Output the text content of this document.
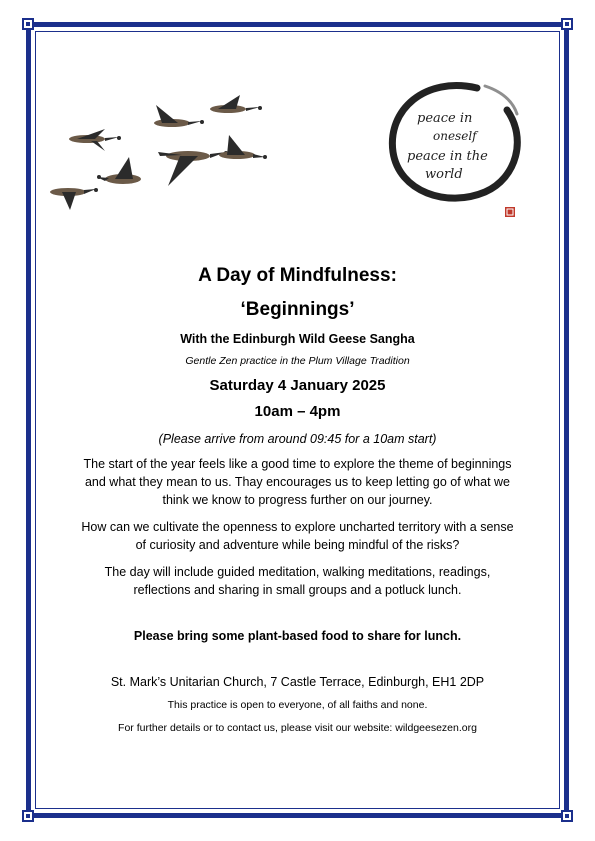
peace in
oneself
peace in the
world

A Day of Mindfulness:

‘Beginnings’

With the Edinburgh Wild Geese Sangha

Gentle Zen practice in the Plum Village Tradition

Saturday 4 January 2025

10am – 4pm

(Please arrive from around 09:45 for a 10am start)

The start of the year feels like a good time to explore the theme of beginnings and what they mean to us. Thay encourages us to keep letting go of what we think we know to progress further on our journey.

How can we cultivate the openness to explore uncharted territory with a sense of curiosity and adventure while being mindful of the risks?

The day will include guided meditation, walking meditations, readings, reflections and sharing in small groups and a potluck lunch.

Please bring some plant-based food to share for lunch.

St. Mark’s Unitarian Church, 7 Castle Terrace, Edinburgh, EH1 2DP

This practice is open to everyone, of all faiths and none.

For further details or to contact us, please visit our website: wildgeesezen.org
